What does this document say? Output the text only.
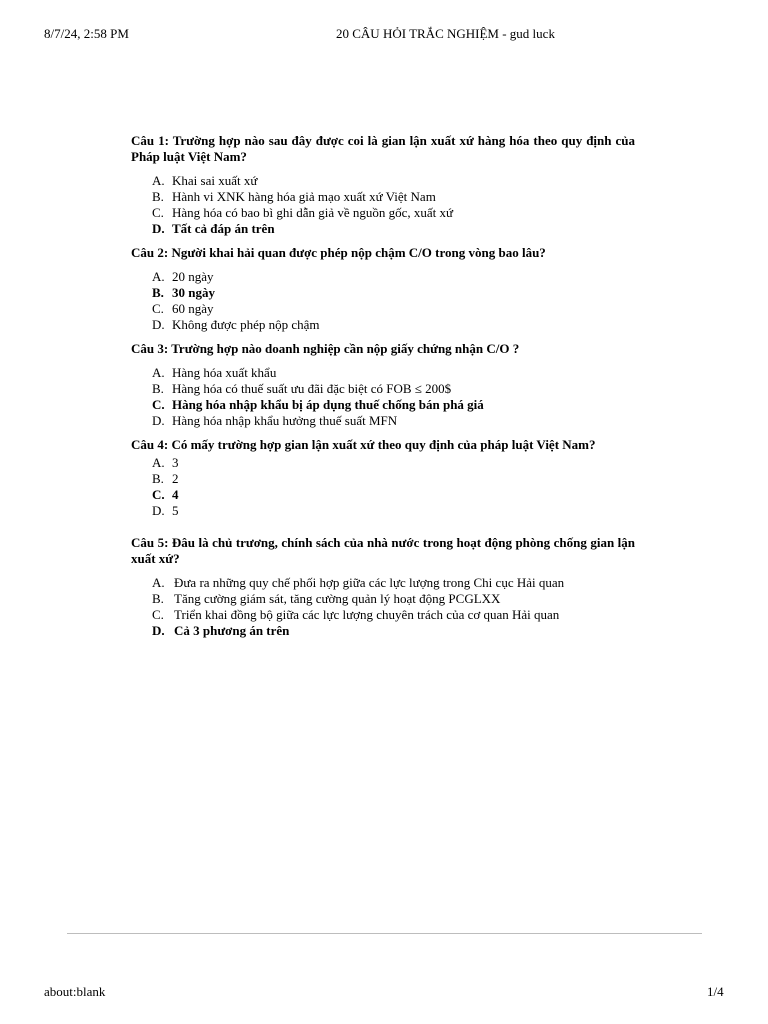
8/7/24, 2:58 PM	20 CÂU HỎI TRẮC NGHIỆM - gud luck

Câu 1: Trường hợp nào sau đây được coi là gian lận xuất xứ hàng hóa theo quy định của Pháp luật Việt Nam?

A. Khai sai xuất xứ
B. Hành vi XNK hàng hóa giả mạo xuất xứ Việt Nam
C. Hàng hóa có bao bì ghi dẫn giả về nguồn gốc, xuất xứ
D. Tất cả đáp án trên

Câu 2: Người khai hải quan được phép nộp chậm C/O trong vòng bao lâu?

A. 20 ngày
B. 30 ngày
C. 60 ngày
D. Không được phép nộp chậm

Câu 3: Trường hợp nào doanh nghiệp cần nộp giấy chứng nhận C/O ?

A. Hàng hóa xuất khẩu
B. Hàng hóa có thuế suất ưu đãi đặc biệt có FOB ≤ 200$
C. Hàng hóa nhập khẩu bị áp dụng thuế chống bán phá giá
D. Hàng hóa nhập khẩu hưởng thuế suất MFN

Câu 4: Có mấy trường hợp gian lận xuất xứ theo quy định của pháp luật Việt Nam?

A. 3
B. 2
C. 4
D. 5

Câu 5: Đâu là chủ trương, chính sách của nhà nước trong hoạt động phòng chống gian lận xuất xứ?

A. Đưa ra những quy chế phối hợp giữa các lực lượng trong Chi cục Hải quan
B. Tăng cường giám sát, tăng cường quản lý hoạt động PCGLXX
C. Triển khai đồng bộ giữa các lực lượng chuyên trách của cơ quan Hải quan
D. Cả 3 phương án trên
about:blank	1/4
